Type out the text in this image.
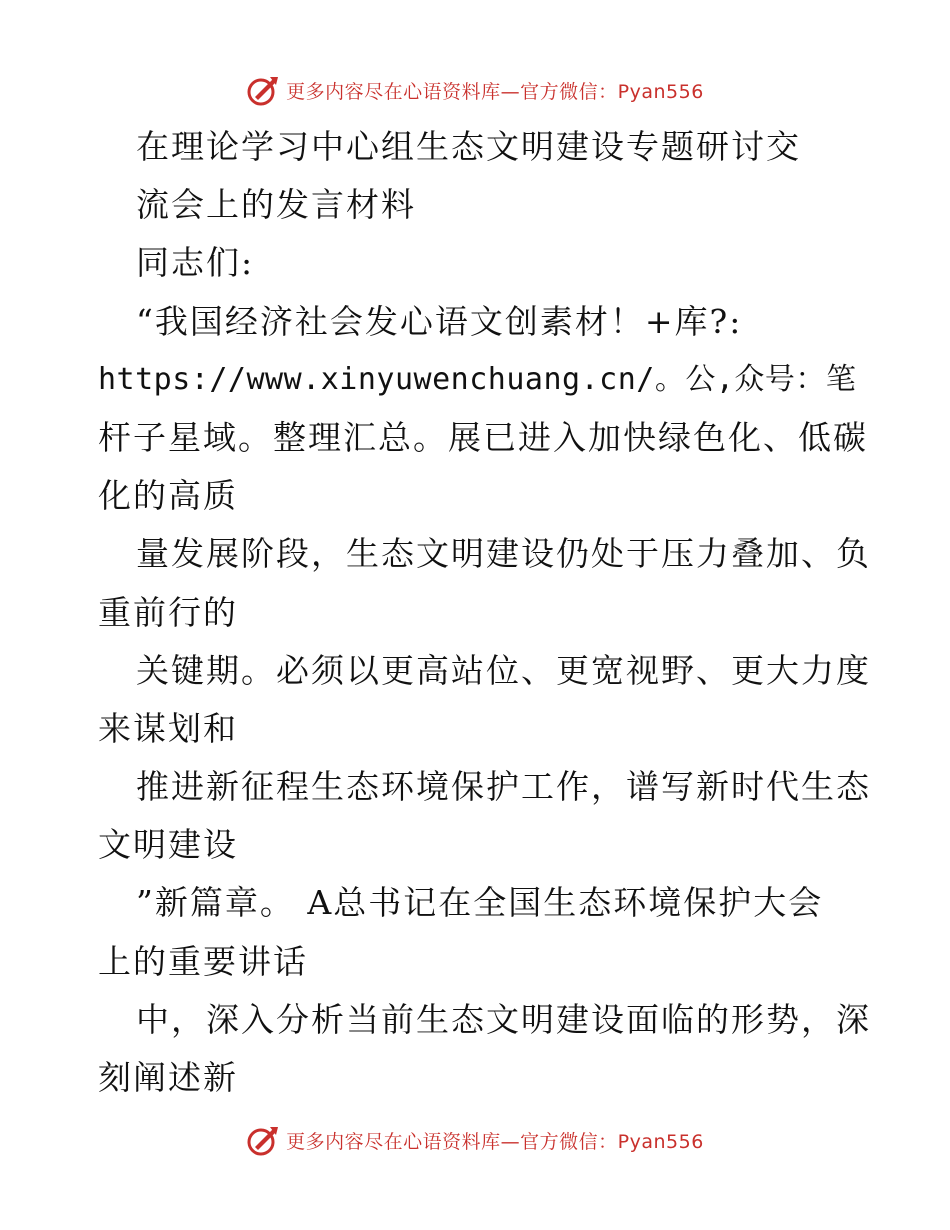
更多内容尽在心语资料库—官方微信：Pyan556
在理论学习中心组生态文明建设专题研讨交
流会上的发言材料
同志们:
“我国经济社会发心语文创素材！+库?:
https://www.xinyuwenchuang.cn/。公,众号：笔
杆子星域。整理汇总。展已进入加快绿色化、低碳
化的高质
量发展阶段，生态文明建设仍处于压力叠加、负
重前行的
关键期。必须以更高站位、更宽视野、更大力度
来谋划和
推进新征程生态环境保护工作，谱写新时代生态
文明建设
”新篇章。 A总书记在全国生态环境保护大会
上的重要讲话
中，深入分析当前生态文明建设面临的形势，深
刻阐述新
更多内容尽在心语资料库—官方微信：Pyan556
